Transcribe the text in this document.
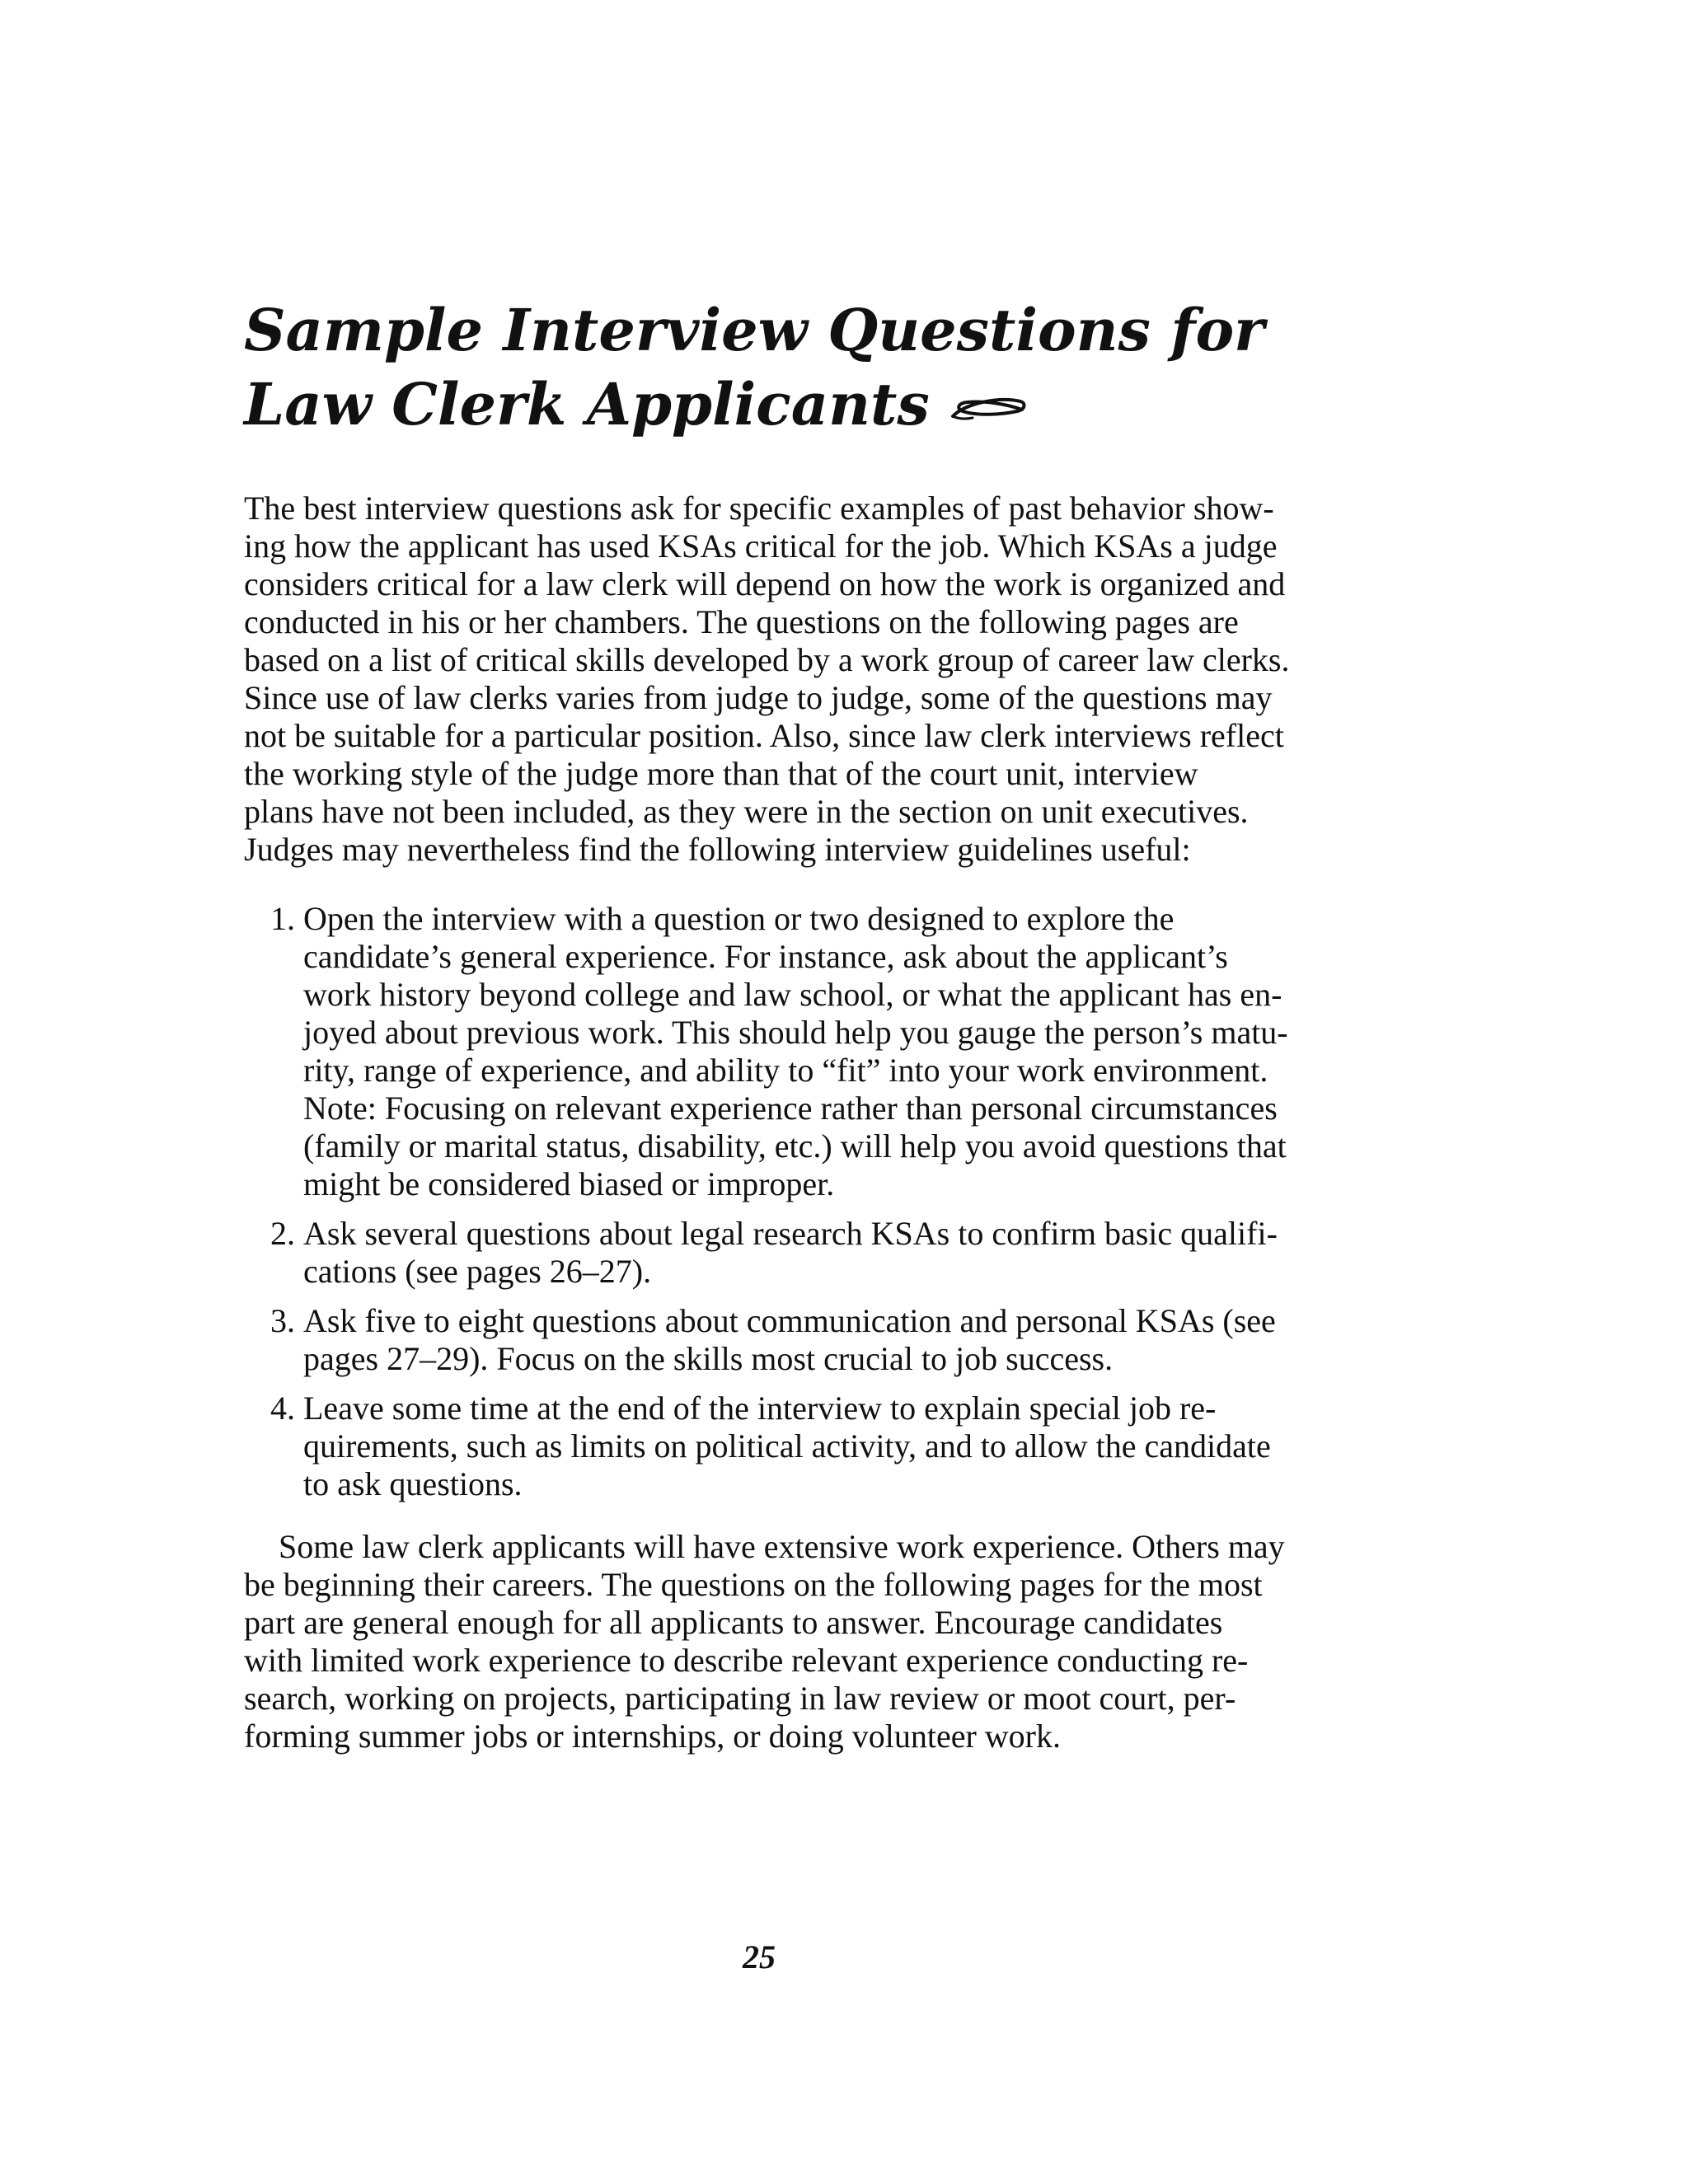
Sample Interview Questions for
Law Clerk Applicants

The best interview questions ask for specific examples of past behavior show-
ing how the applicant has used KSAs critical for the job. Which KSAs a judge
considers critical for a law clerk will depend on how the work is organized and
conducted in his or her chambers. The questions on the following pages are
based on a list of critical skills developed by a work group of career law clerks.
Since use of law clerks varies from judge to judge, some of the questions may
not be suitable for a particular position. Also, since law clerk interviews reflect
the working style of the judge more than that of the court unit, interview
plans have not been included, as they were in the section on unit executives.
Judges may nevertheless find the following interview guidelines useful:

1. Open the interview with a question or two designed to explore the
candidate’s general experience. For instance, ask about the applicant’s
work history beyond college and law school, or what the applicant has en-
joyed about previous work. This should help you gauge the person’s matu-
rity, range of experience, and ability to “fit” into your work environment.
Note: Focusing on relevant experience rather than personal circumstances
(family or marital status, disability, etc.) will help you avoid questions that
might be considered biased or improper.
2. Ask several questions about legal research KSAs to confirm basic qualifi-
cations (see pages 26–27).
3. Ask five to eight questions about communication and personal KSAs (see
pages 27–29). Focus on the skills most crucial to job success.
4. Leave some time at the end of the interview to explain special job re-
quirements, such as limits on political activity, and to allow the candidate
to ask questions.

Some law clerk applicants will have extensive work experience. Others may
be beginning their careers. The questions on the following pages for the most
part are general enough for all applicants to answer. Encourage candidates
with limited work experience to describe relevant experience conducting re-
search, working on projects, participating in law review or moot court, per-
forming summer jobs or internships, or doing volunteer work.

25
